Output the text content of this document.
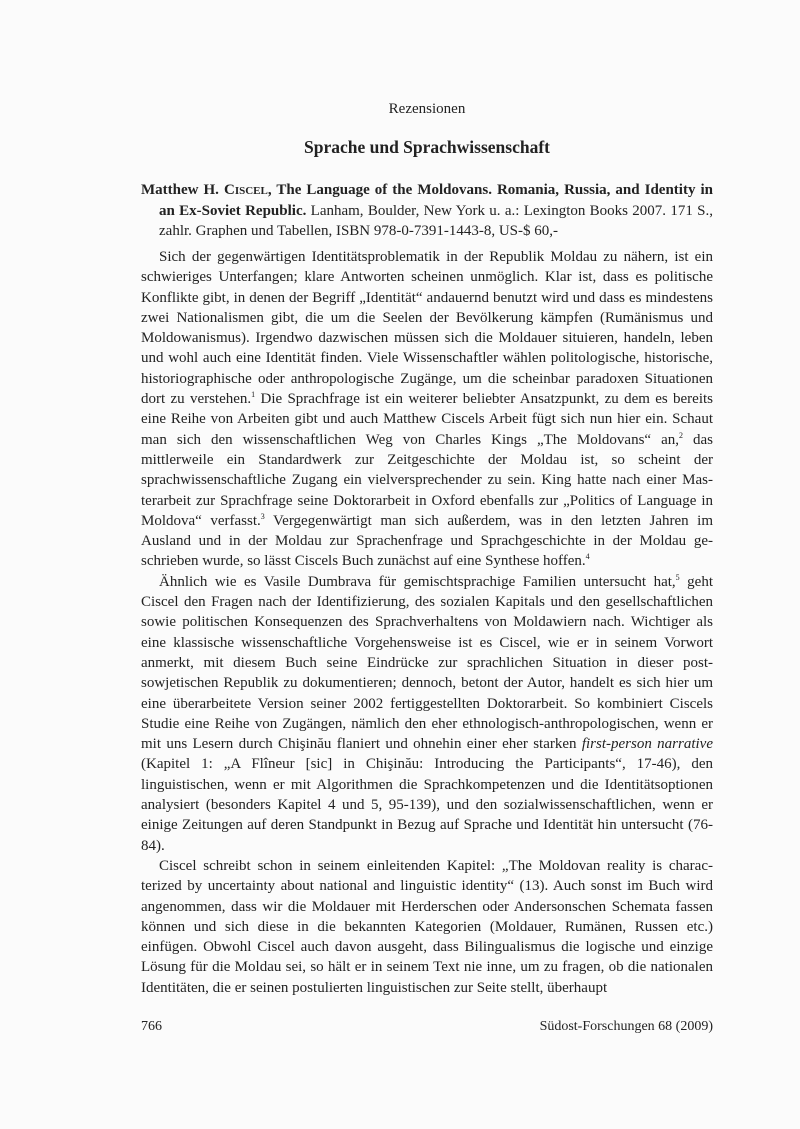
Rezensionen
Sprache und Sprachwissenschaft
Matthew H. Ciscel, The Language of the Moldovans. Romania, Russia, and Identity in an Ex-Soviet Republic. Lanham, Boulder, New York u. a.: Lexington Books 2007. 171 S., zahlr. Graphen und Tabellen, ISBN 978-0-7391-1443-8, US-$ 60,-

Sich der gegenwärtigen Identitätsproblematik in der Republik Moldau zu nähern, ist ein schwieriges Unterfangen; klare Antworten scheinen unmöglich. Klar ist, dass es politische Konflikte gibt, in denen der Begriff „Identität“ andauernd benutzt wird und dass es mindestens zwei Nationalismen gibt, die um die Seelen der Bevölkerung kämpfen (Rumänismus und Moldowanismus). Irgendwo dazwischen müssen sich die Moldauer situieren, handeln, leben und wohl auch eine Identität finden. Viele Wissenschaftler wählen politologische, historische, historiographische oder anthropologische Zugänge, um die scheinbar paradoxen Situationen dort zu verstehen.$^1$ Die Sprachfrage ist ein weiterer beliebter Ansatzpunkt, zu dem es bereits eine Reihe von Arbeiten gibt und auch Matthew Ciscels Arbeit fügt sich nun hier ein. Schaut man sich den wissenschaftlichen Weg von Charles Kings „The Moldovans“ an,$^2$ das mittlerweile ein Standardwerk zur Zeitgeschichte der Moldau ist, so scheint der sprachwissenschaftliche Zugang ein vielversprechender zu sein. King hatte nach einer Masterarbeit zur Sprachfrage seine Doktorarbeit in Oxford ebenfalls zur „Politics of Language in Moldova“ verfasst.$^3$ Vergegenwärtigt man sich außerdem, was in den letzten Jahren im Ausland und in der Moldau zur Sprachenfrage und Sprachgeschichte in der Moldau geschrieben wurde, so lässt Ciscels Buch zunächst auf eine Synthese hoffen.$^4$

Ähnlich wie es Vasile Dumbrava für gemischtsprachige Familien untersucht hat,$^5$ geht Ciscel den Fragen nach der Identifizierung, des sozialen Kapitals und den gesellschaftlichen sowie politischen Konsequenzen des Sprachverhaltens von Moldawiern nach. Wichtiger als eine klassische wissenschaftliche Vorgehensweise ist es Ciscel, wie er in seinem Vorwort anmerkt, mit diesem Buch seine Eindrücke zur sprachlichen Situation in dieser postsowjetischen Republik zu dokumentieren; dennoch, betont der Autor, handelt es sich hier um eine überarbeitete Version seiner 2002 fertiggestellten Doktorarbeit. So kombiniert Ciscels Studie eine Reihe von Zugängen, nämlich den eher ethnologisch-anthropologischen, wenn er mit uns Lesern durch Chişinău flaniert und ohnehin einer eher starken first-person narrative (Kapitel 1: „A Flîneur [sic] in Chişinău: Introducing the Participants“, 17-46), den linguistischen, wenn er mit Algorithmen die Sprachkompetenzen und die Identitätsoptionen analysiert (besonders Kapitel 4 und 5, 95-139), und den sozialwissenschaftlichen, wenn er einige Zeitungen auf deren Standpunkt in Bezug auf Sprache und Identität hin untersucht (76-84).

Ciscel schreibt schon in seinem einleitenden Kapitel: „The Moldovan reality is characterized by uncertainty about national and linguistic identity“ (13). Auch sonst im Buch wird angenommen, dass wir die Moldauer mit Herderschen oder Andersonschen Schemata fassen können und sich diese in die bekannten Kategorien (Moldauer, Rumänen, Russen etc.) einfügen. Obwohl Ciscel auch davon ausgeht, dass Bilingualismus die logische und einzige Lösung für die Moldau sei, so hält er in seinem Text nie inne, um zu fragen, ob die nationalen Identitäten, die er seinen postulierten linguistischen zur Seite stellt, überhaupt

766	Südost-Forschungen 68 (2009)
